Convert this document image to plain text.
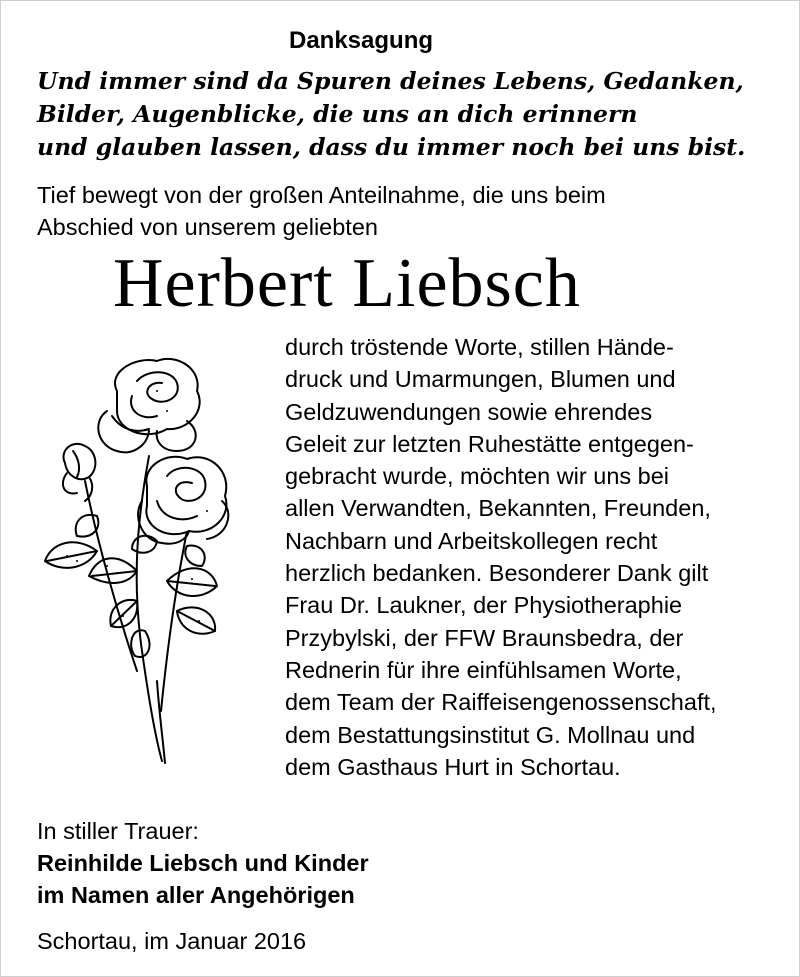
Danksagung
Und immer sind da Spuren deines Lebens, Gedanken,
Bilder, Augenblicke, die uns an dich erinnern
und glauben lassen, dass du immer noch bei uns bist.
Tief bewegt von der großen Anteilnahme, die uns beim
Abschied von unserem geliebten
Herbert Liebsch
durch tröstende Worte, stillen Hände-
druck und Umarmungen, Blumen und
Geldzuwendungen sowie ehrendes
Geleit zur letzten Ruhestätte entgegen-
gebracht wurde, möchten wir uns bei
allen Verwandten, Bekannten, Freunden,
Nachbarn und Arbeitskollegen recht
herzlich bedanken. Besonderer Dank gilt
Frau Dr. Laukner, der Physiotheraphie
Przybylski, der FFW Braunsbedra, der
Rednerin für ihre einfühlsamen Worte,
dem Team der Raiffeisengenossenschaft,
dem Bestattungsinstitut G. Mollnau und
dem Gasthaus Hurt in Schortau.
In stiller Trauer:
Reinhilde Liebsch und Kinder
im Namen aller Angehörigen
Schortau, im Januar 2016
